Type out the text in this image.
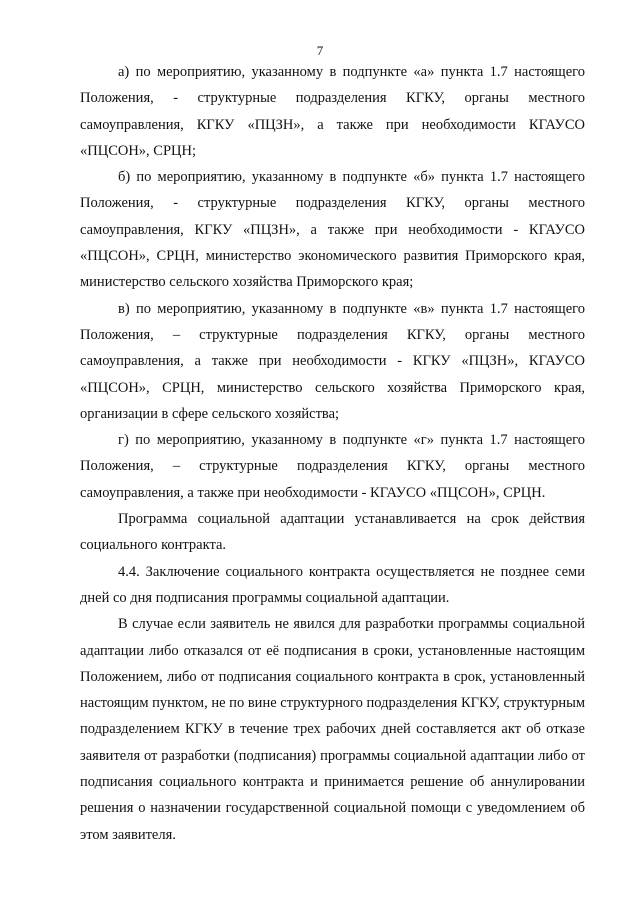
7

а) по мероприятию, указанному в подпункте «а» пункта 1.7 настоящего Положения, - структурные подразделения КГКУ, органы местного самоуправления, КГКУ «ПЦЗН», а также при необходимости КГАУСО «ПЦСОН», СРЦН;

б) по мероприятию, указанному в подпункте «б» пункта 1.7 настоящего Положения, - структурные подразделения КГКУ, органы местного самоуправления, КГКУ «ПЦЗН», а также при необходимости - КГАУСО «ПЦСОН», СРЦН, министерство экономического развития Приморского края, министерство сельского хозяйства Приморского края;

в) по мероприятию, указанному в подпункте «в» пункта 1.7 настоящего Положения, – структурные подразделения КГКУ, органы местного самоуправления, а также при необходимости - КГКУ «ПЦЗН», КГАУСО «ПЦСОН», СРЦН, министерство сельского хозяйства Приморского края, организации в сфере сельского хозяйства;

г) по мероприятию, указанному в подпункте «г» пункта 1.7 настоящего Положения, – структурные подразделения КГКУ, органы местного самоуправления, а также при необходимости - КГАУСО «ПЦСОН», СРЦН.

Программа социальной адаптации устанавливается на срок действия социального контракта.

4.4. Заключение социального контракта осуществляется не позднее семи дней со дня подписания программы социальной адаптации.

В случае если заявитель не явился для разработки программы социальной адаптации либо отказался от её подписания в сроки, установленные настоящим Положением, либо от подписания социального контракта в срок, установленный настоящим пунктом, не по вине структурного подразделения КГКУ, структурным подразделением КГКУ в течение трех рабочих дней составляется акт об отказе заявителя от разработки (подписания) программы социальной адаптации либо от подписания социального контракта и принимается решение об аннулировании решения о назначении государственной социальной помощи с уведомлением об этом заявителя.
